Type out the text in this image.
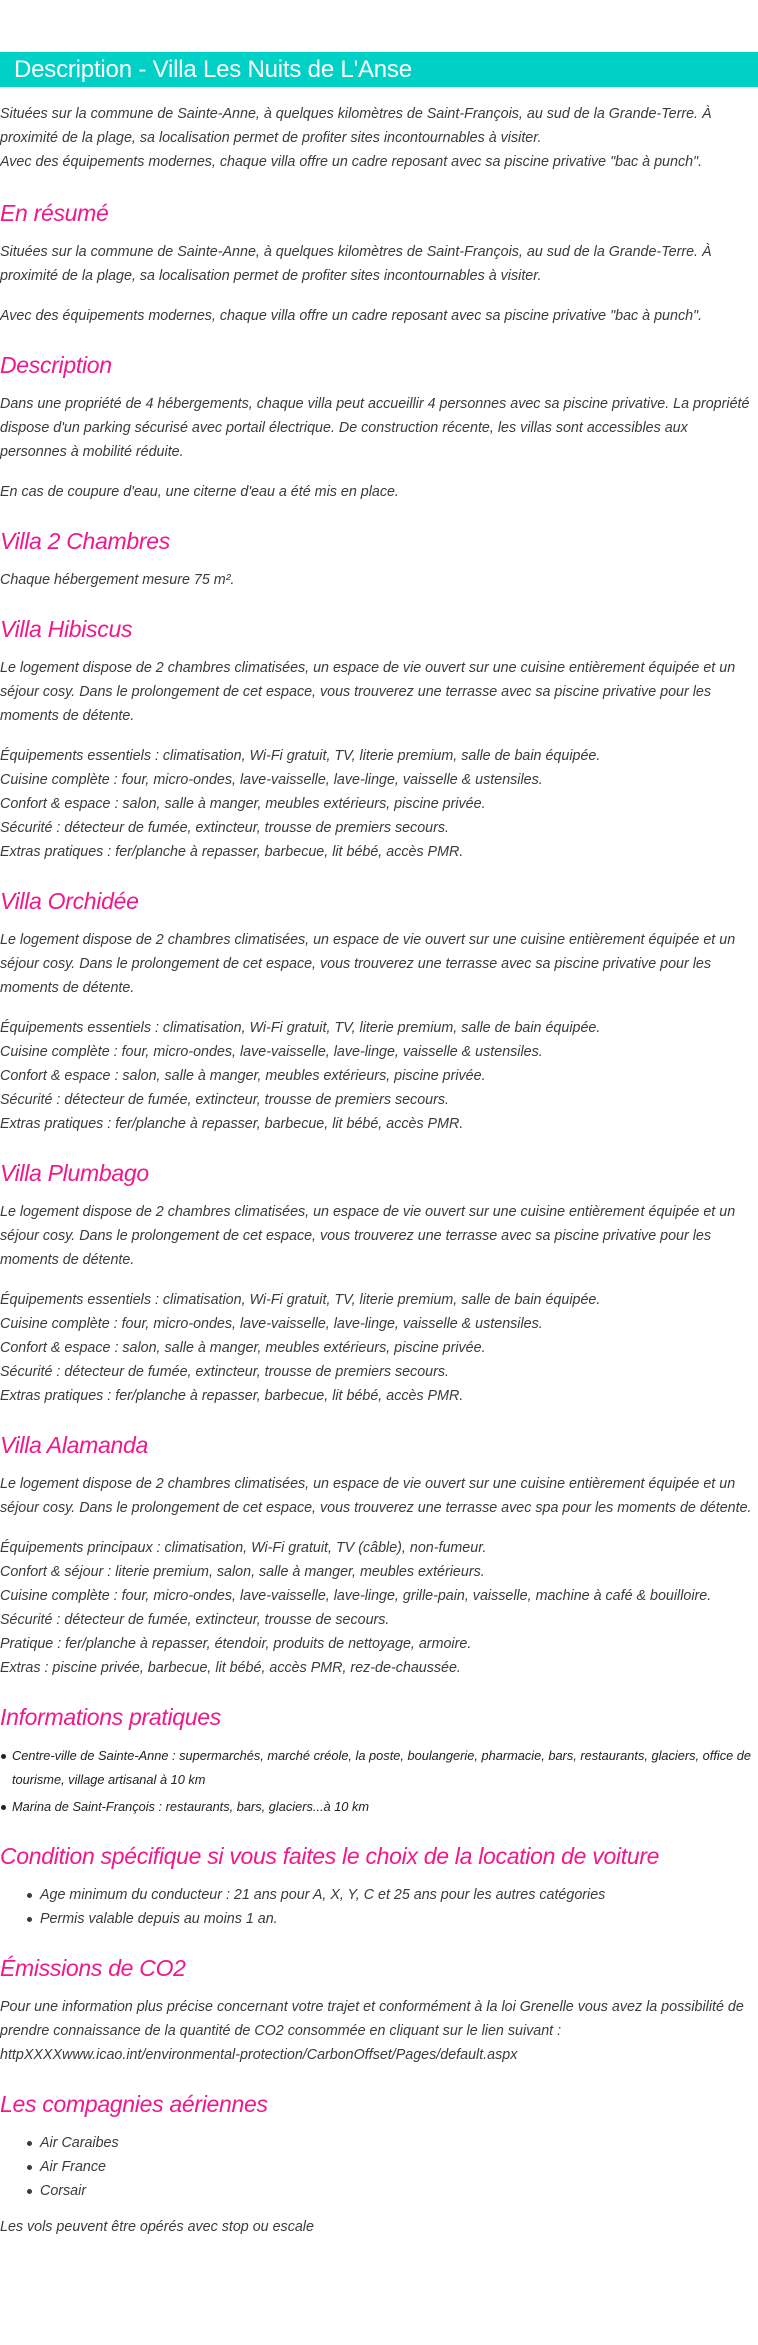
Description - Villa Les Nuits de L'Anse

Situées sur la commune de Sainte-Anne, à quelques kilomètres de Saint-François, au sud de la Grande-Terre. À proximité de la plage, sa localisation permet de profiter sites incontournables à visiter.

Avec des équipements modernes, chaque villa offre un cadre reposant avec sa piscine privative "bac à punch".

En résumé

Situées sur la commune de Sainte-Anne, à quelques kilomètres de Saint-François, au sud de la Grande-Terre. À proximité de la plage, sa localisation permet de profiter sites incontournables à visiter.

Avec des équipements modernes, chaque villa offre un cadre reposant avec sa piscine privative "bac à punch".

Description

Dans une propriété de 4 hébergements, chaque villa peut accueillir 4 personnes avec sa piscine privative. La propriété dispose d'un parking sécurisé avec portail électrique. De construction récente, les villas sont accessibles aux personnes à mobilité réduite.

En cas de coupure d'eau, une citerne d'eau a été mis en place.

Villa 2 Chambres

Chaque hébergement mesure 75 m².

Villa Hibiscus

Le logement dispose de 2 chambres climatisées, un espace de vie ouvert sur une cuisine entièrement équipée et un séjour cosy. Dans le prolongement de cet espace, vous trouverez une terrasse avec sa piscine privative pour les moments de détente.

Équipements essentiels : climatisation, Wi-Fi gratuit, TV, literie premium, salle de bain équipée.
Cuisine complète : four, micro-ondes, lave-vaisselle, lave-linge, vaisselle & ustensiles.
Confort & espace : salon, salle à manger, meubles extérieurs, piscine privée.
Sécurité : détecteur de fumée, extincteur, trousse de premiers secours.
Extras pratiques : fer/planche à repasser, barbecue, lit bébé, accès PMR.
Villa Orchidée

Le logement dispose de 2 chambres climatisées, un espace de vie ouvert sur une cuisine entièrement équipée et un séjour cosy. Dans le prolongement de cet espace, vous trouverez une terrasse avec sa piscine privative pour les moments de détente.

Équipements essentiels : climatisation, Wi-Fi gratuit, TV, literie premium, salle de bain équipée.
Cuisine complète : four, micro-ondes, lave-vaisselle, lave-linge, vaisselle & ustensiles.
Confort & espace : salon, salle à manger, meubles extérieurs, piscine privée.
Sécurité : détecteur de fumée, extincteur, trousse de premiers secours.
Extras pratiques : fer/planche à repasser, barbecue, lit bébé, accès PMR.
Villa Plumbago

Le logement dispose de 2 chambres climatisées, un espace de vie ouvert sur une cuisine entièrement équipée et un séjour cosy. Dans le prolongement de cet espace, vous trouverez une terrasse avec sa piscine privative pour les moments de détente.

Équipements essentiels : climatisation, Wi-Fi gratuit, TV, literie premium, salle de bain équipée.
Cuisine complète : four, micro-ondes, lave-vaisselle, lave-linge, vaisselle & ustensiles.
Confort & espace : salon, salle à manger, meubles extérieurs, piscine privée.
Sécurité : détecteur de fumée, extincteur, trousse de premiers secours.
Extras pratiques : fer/planche à repasser, barbecue, lit bébé, accès PMR.
Villa Alamanda

Le logement dispose de 2 chambres climatisées, un espace de vie ouvert sur une cuisine entièrement équipée et un séjour cosy. Dans le prolongement de cet espace, vous trouverez une terrasse avec spa pour les moments de détente.

Équipements principaux : climatisation, Wi-Fi gratuit, TV (câble), non-fumeur.
Confort & séjour : literie premium, salon, salle à manger, meubles extérieurs.
Cuisine complète : four, micro-ondes, lave-vaisselle, lave-linge, grille-pain, vaisselle, machine à café & bouilloire.
Sécurité : détecteur de fumée, extincteur, trousse de secours.
Pratique : fer/planche à repasser, étendoir, produits de nettoyage, armoire.
Extras : piscine privée, barbecue, lit bébé, accès PMR, rez-de-chaussée.
Informations pratiques
Centre-ville de Sainte-Anne : supermarchés, marché créole, la poste, boulangerie, pharmacie, bars, restaurants, glaciers, office de tourisme, village artisanal à 10 km
Marina de Saint-François : restaurants, bars, glaciers...à 10 km
Condition spécifique si vous faites le choix de la location de voiture
Age minimum du conducteur : 21 ans pour A, X, Y, C et 25 ans pour les autres catégories
Permis valable depuis au moins 1 an.
Émissions de CO2

Pour une information plus précise concernant votre trajet et conformément à la loi Grenelle vous avez la possibilité de prendre connaissance de la quantité de CO2 consommée en cliquant sur le lien suivant : httpXXXXwww.icao.int/environmental-protection/CarbonOffset/Pages/default.aspx

Les compagnies aériennes
Air Caraibes
Air France
Corsair

Les vols peuvent être opérés avec stop ou escale
